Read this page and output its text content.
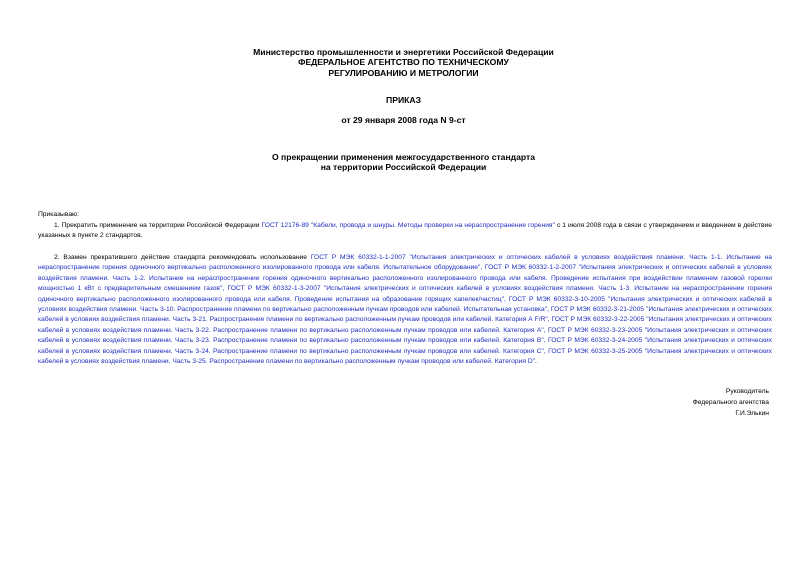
Министерство промышленности и энергетики Российской Федерации
ФЕДЕРАЛЬНОЕ АГЕНТСТВО ПО ТЕХНИЧЕСКОМУ
РЕГУЛИРОВАНИЮ И МЕТРОЛОГИИ
ПРИКАЗ
от 29 января 2008 года N 9-ст
О прекращении применения межгосударственного стандарта
на территории Российской Федерации

Приказываю:

1. Прекратить применение на территории Российской Федерации ГОСТ 12176-89 "Кабели, провода и шнуры. Методы проверки на нераспространение горения" с 1 июля 2008 года в связи с утверждением и введением в действие указанных в пункте 2 стандартов.

2. Взамен прекратившего действие стандарта рекомендовать использование ГОСТ Р МЭК 60332-1-1-2007 "Испытания электрических и оптических кабелей в условиях воздействия пламени. Часть 1-1. Испытание на нераспространение горения одиночного вертикально расположенного изолированного провода или кабеля. Испытательное оборудование", ГОСТ Р МЭК 60332-1-2-2007 "Испытания электрических и оптических кабелей в условиях воздействия пламени. Часть 1-2. Испытание на нераспространение горения одиночного вертикально расположенного изолированного провода или кабеля. Проведение испытания при воздействии пламенем газовой горелки мощностью 1 кВт с предварительным смешением газов", ГОСТ Р МЭК 60332-1-3-2007 "Испытания электрических и оптических кабелей в условиях воздействия пламени. Часть 1-3. Испытание на нераспространение горения одиночного вертикально расположенного изолированного провода или кабеля. Проведение испытания на образование горящих капелек/частиц", ГОСТ Р МЭК 60332-3-10-2005 "Испытания электрических и оптических кабелей в условиях воздействия пламени. Часть 3-10. Распространение пламени по вертикально расположенным пучкам проводов или кабелей. Испытательная установка", ГОСТ Р МЭК 60332-3-21-2005 "Испытания электрических и оптических кабелей в условиях воздействия пламени. Часть 3-21. Распространение пламени по вертикально расположенным пучкам проводов или кабелей. Категория А F/R", ГОСТ Р МЭК 60332-3-22-2005 "Испытания электрических и оптических кабелей в условиях воздействия пламени. Часть 3-22. Распространение пламени по вертикально расположенным пучкам проводов или кабелей. Категория А", ГОСТ Р МЭК 60332-3-23-2005 "Испытания электрических и оптических кабелей в условиях воздействия пламени. Часть 3-23. Распространение пламени по вертикально расположенным пучкам проводов или кабелей. Категория В", ГОСТ Р МЭК 60332-3-24-2005 "Испытания электрических и оптических кабелей в условиях воздействия пламени. Часть 3-24. Распространение пламени по вертикально расположенным пучкам проводов или кабелей. Категория С", ГОСТ Р МЭК 60332-3-25-2005 "Испытания электрических и оптических кабелей в условиях воздействия пламени. Часть 3-25. Распространение пламени по вертикально расположенным пучкам проводов или кабелей. Категория D".

Руководитель
Федерального агентства
Г.И.Элькин
